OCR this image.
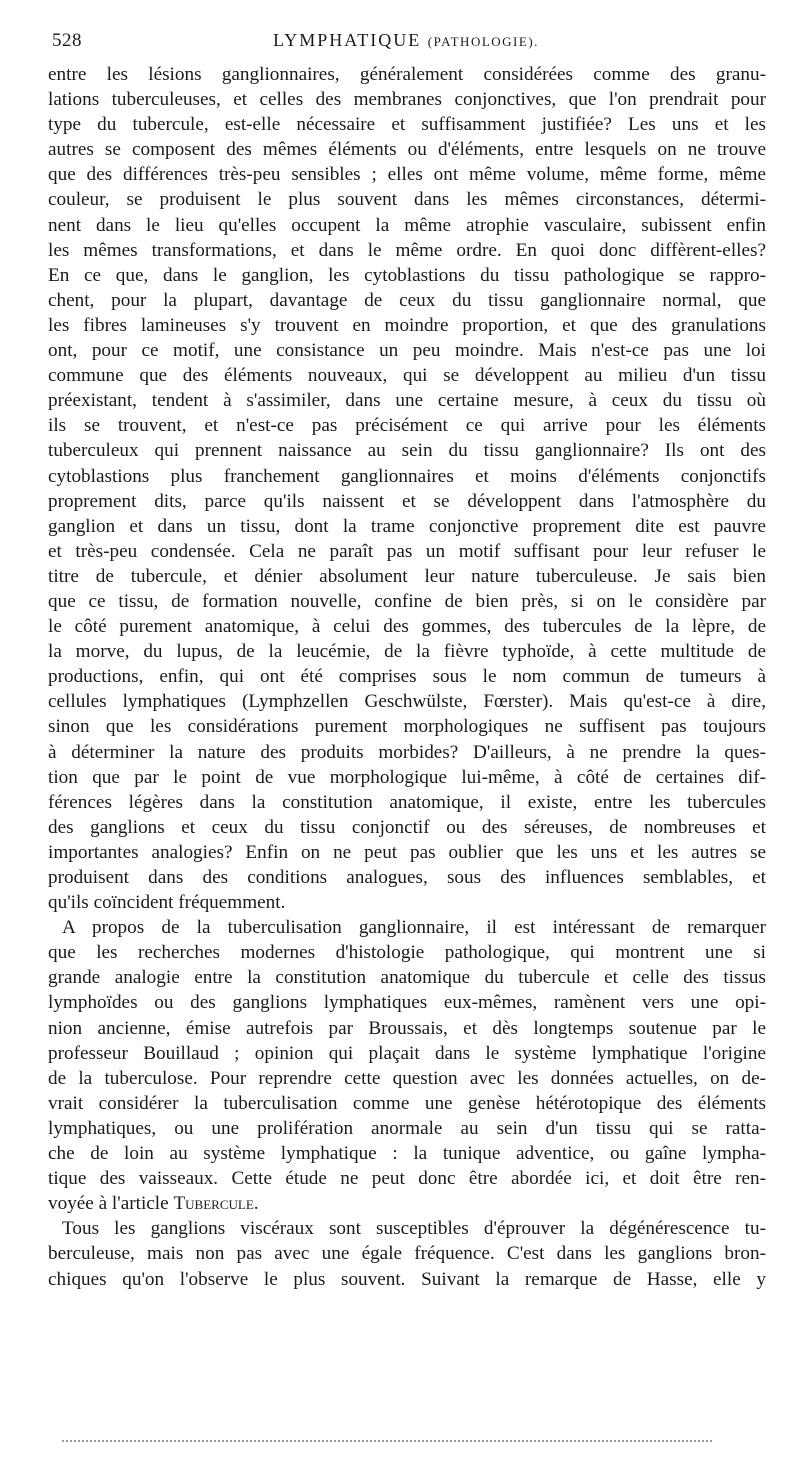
528	LYMPHATIQUE (PATHOLOGIE).
entre les lésions ganglionnaires, généralement considérées comme des granu-
lations tuberculeuses, et celles des membranes conjonctives, que l'on prendrait pour
type du tubercule, est-elle nécessaire et suffisamment justifiée? Les uns et les
autres se composent des mêmes éléments ou d'éléments, entre lesquels on ne trouve
que des différences très-peu sensibles ; elles ont même volume, même forme, même
couleur, se produisent le plus souvent dans les mêmes circonstances, détermi-
nent dans le lieu qu'elles occupent la même atrophie vasculaire, subissent enfin
les mêmes transformations, et dans le même ordre. En quoi donc diffèrent-elles?
En ce que, dans le ganglion, les cytoblastions du tissu pathologique se rappro-
chent, pour la plupart, davantage de ceux du tissu ganglionnaire normal, que
les fibres lamineuses s'y trouvent en moindre proportion, et que des granulations
ont, pour ce motif, une consistance un peu moindre. Mais n'est-ce pas une loi
commune que des éléments nouveaux, qui se développent au milieu d'un tissu
préexistant, tendent à s'assimiler, dans une certaine mesure, à ceux du tissu où
ils se trouvent, et n'est-ce pas précisément ce qui arrive pour les éléments
tuberculeux qui prennent naissance au sein du tissu ganglionnaire? Ils ont des
cytoblastions plus franchement ganglionnaires et moins d'éléments conjonctifs
proprement dits, parce qu'ils naissent et se développent dans l'atmosphère du
ganglion et dans un tissu, dont la trame conjonctive proprement dite est pauvre
et très-peu condensée. Cela ne paraît pas un motif suffisant pour leur refuser le
titre de tubercule, et dénier absolument leur nature tuberculeuse. Je sais bien
que ce tissu, de formation nouvelle, confine de bien près, si on le considère par
le côté purement anatomique, à celui des gommes, des tubercules de la lèpre, de
la morve, du lupus, de la leucémie, de la fièvre typhoïde, à cette multitude de
productions, enfin, qui ont été comprises sous le nom commun de tumeurs à
cellules lymphatiques (Lymphzellen Geschwülste, Fœrster). Mais qu'est-ce à dire,
sinon que les considérations purement morphologiques ne suffisent pas toujours
à déterminer la nature des produits morbides? D'ailleurs, à ne prendre la ques-
tion que par le point de vue morphologique lui-même, à côté de certaines dif-
férences légères dans la constitution anatomique, il existe, entre les tubercules
des ganglions et ceux du tissu conjonctif ou des séreuses, de nombreuses et
importantes analogies? Enfin on ne peut pas oublier que les uns et les autres se
produisent dans des conditions analogues, sous des influences semblables, et
qu'ils coïncident fréquemment.
A propos de la tuberculisation ganglionnaire, il est intéressant de remarquer
que les recherches modernes d'histologie pathologique, qui montrent une si
grande analogie entre la constitution anatomique du tubercule et celle des tissus
lymphoïdes ou des ganglions lymphatiques eux-mêmes, ramènent vers une opi-
nion ancienne, émise autrefois par Broussais, et dès longtemps soutenue par le
professeur Bouillaud ; opinion qui plaçait dans le système lymphatique l'origine
de la tuberculose. Pour reprendre cette question avec les données actuelles, on de-
vrait considérer la tuberculisation comme une genèse hétérotopique des éléments
lymphatiques, ou une prolifération anormale au sein d'un tissu qui se ratta-
che de loin au système lymphatique : la tunique adventice, ou gaîne lympha-
tique des vaisseaux. Cette étude ne peut donc être abordée ici, et doit être ren-
voyée à l'article Tubercule.
Tous les ganglions viscéraux sont susceptibles d'éprouver la dégénérescence tu-
berculeuse, mais non pas avec une égale fréquence. C'est dans les ganglions bron-
chiques qu'on l'observe le plus souvent. Suivant la remarque de Hasse, elle y
